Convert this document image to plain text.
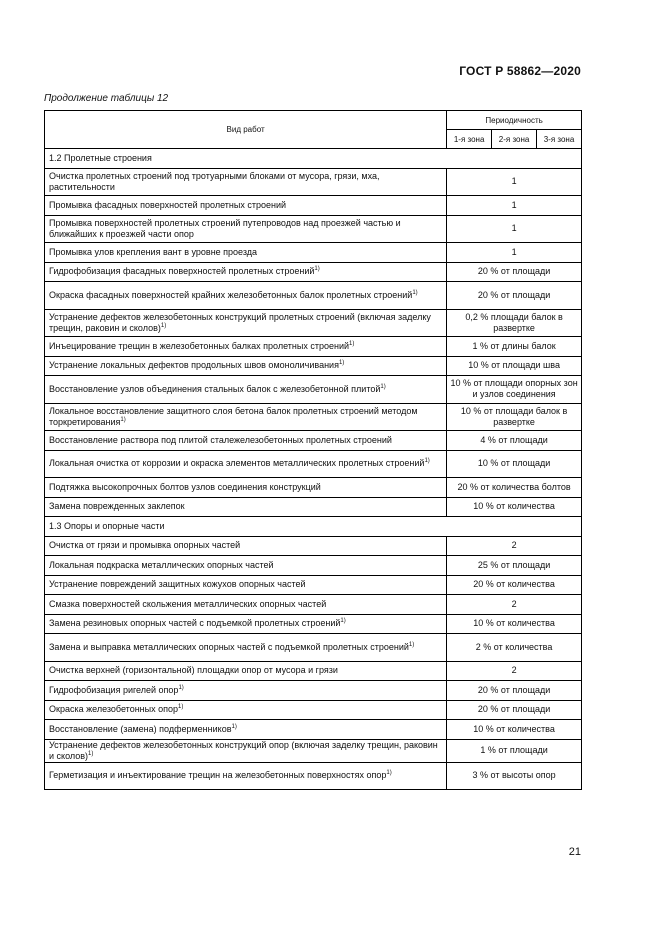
ГОСТ Р 58862—2020
Продолжение таблицы 12
Вид работ	Периодичность		
	1-я зона	2-я зона	3-я зона
1.2 Пролетные строения			
Очистка пролетных строений под тротуарными блоками от мусора, грязи, мха, растительности	1		
Промывка фасадных поверхностей пролетных строений	1		
Промывка поверхностей пролетных строений путепроводов над проезжей частью и ближайших к проезжей части опор	1		
Промывка улов крепления вант в уровне проезда	1		
Гидрофобизация фасадных поверхностей пролетных строений$^{1)}$	20 % от площади		
Окраска фасадных поверхностей крайних железобетонных балок пролетных строений$^{1)}$	20 % от площади		
Устранение дефектов железобетонных конструкций пролетных строений (включая заделку трещин, раковин и сколов)$^{1)}$	0,2 % площади балок в развертке		
Инъецирование трещин в железобетонных балках пролетных строений$^{1)}$	1 % от длины балок		
Устранение локальных дефектов продольных швов омоноличивания$^{1)}$	10 % от площади шва		
Восстановление узлов объединения стальных балок с железобетонной плитой$^{1)}$	10 % от площади опорных зон и узлов соединения		
Локальное восстановление защитного слоя бетона балок пролетных строений методом торкретирования$^{1)}$	10 % от площади балок в развертке		
Восстановление раствора под плитой сталежелезобетонных пролетных строений	4 % от площади		
Локальная очистка от коррозии и окраска элементов металлических пролетных строений$^{1)}$	10 % от площади		
Подтяжка высокопрочных болтов узлов соединения конструкций	20 % от количества болтов		
Замена поврежденных заклепок	10 % от количества		
1.3 Опоры и опорные части			
Очистка от грязи и промывка опорных частей	2		
Локальная подкраска металлических опорных частей	25 % от площади		
Устранение повреждений защитных кожухов опорных частей	20 % от количества		
Смазка поверхностей скольжения металлических опорных частей	2		
Замена резиновых опорных частей с подъемкой пролетных строений$^{1)}$	10 % от количества		
Замена и выправка металлических опорных частей с подъемкой пролетных строений$^{1)}$	2 % от количества		
Очистка верхней (горизонтальной) площадки опор от мусора и грязи	2		
Гидрофобизация ригелей опор$^{1)}$	20 % от площади		
Окраска железобетонных опор$^{1)}$	20 % от площади		
Восстановление (замена) подферменников$^{1)}$	10 % от количества		
Устранение дефектов железобетонных конструкций опор (включая заделку трещин, раковин и сколов)$^{1)}$	1 % от площади		
Герметизация и инъектирование трещин на железобетонных поверхностях опор$^{1)}$	3 % от высоты опор		
21
